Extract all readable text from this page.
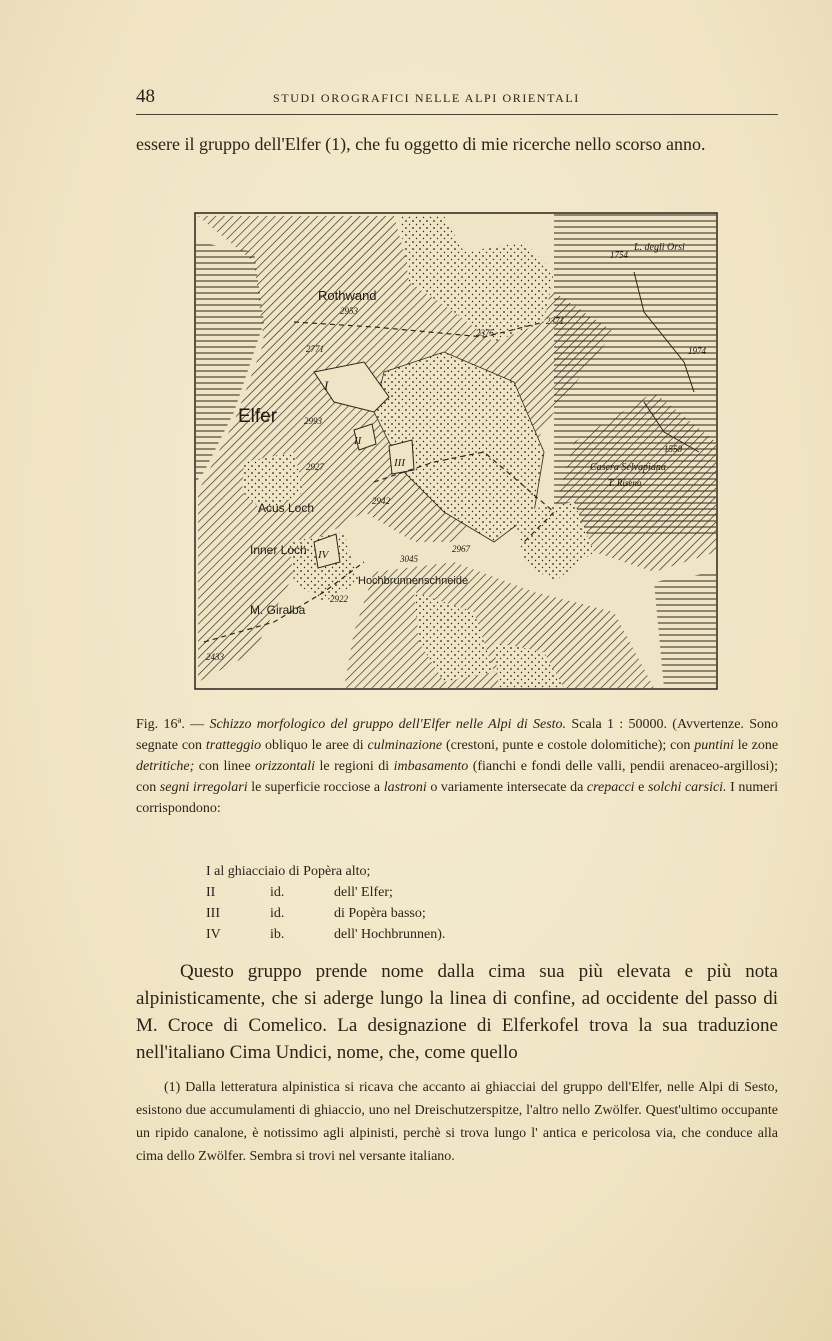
48	STUDI OROGRAFICI NELLE ALPI ORIENTALI
essere il gruppo dell'Elfer (1), che fu oggetto di mie ricerche nello scorso anno.
Rothwand
Elfer
Acus Loch
Inner Loch
Hochbrunnenschneide
M. Giralba
L. degli Orsi
Casera Selvapiana
T. Risena
2953
2371
2375
2771
1754
1974
2993
2927
1558
2942
2967
3045
2922
2433
I
II
III
IV
Fig. 16ª. — Schizzo morfologico del gruppo dell'Elfer nelle Alpi di Sesto. Scala 1 : 50000. (Avvertenze. Sono segnate con tratteggio obliquo le aree di culminazione (crestoni, punte e costole dolomitiche); con puntini le zone detritiche; con linee orizzontali le regioni di imbasamento (fianchi e fondi delle valli, pendii arenaceo-argillosi); con segni irregolari le superficie rocciose a lastroni o variamente intersecate da crepacci e solchi carsici. I numeri corrispondono:
I al ghiacciaio di Popèra alto;
II	id.	dell' Elfer;
III	id.	di Popèra basso;
IV	ib.	dell' Hochbrunnen).

Questo gruppo prende nome dalla cima sua più elevata e più nota alpinisticamente, che si aderge lungo la linea di confine, ad occidente del passo di M. Croce di Comelico. La designazione di Elferkofel trova la sua traduzione nell'italiano Cima Undici, nome, che, come quello

(1) Dalla letteratura alpinistica si ricava che accanto ai ghiacciai del gruppo dell'Elfer, nelle Alpi di Sesto, esistono due accumulamenti di ghiaccio, uno nel Dreischutzerspitze, l'altro nello Zwölfer. Quest'ultimo occupante un ripido canalone, è notissimo agli alpinisti, perchè si trova lungo l' antica e pericolosa via, che conduce alla cima dello Zwölfer. Sembra si trovi nel versante italiano.
